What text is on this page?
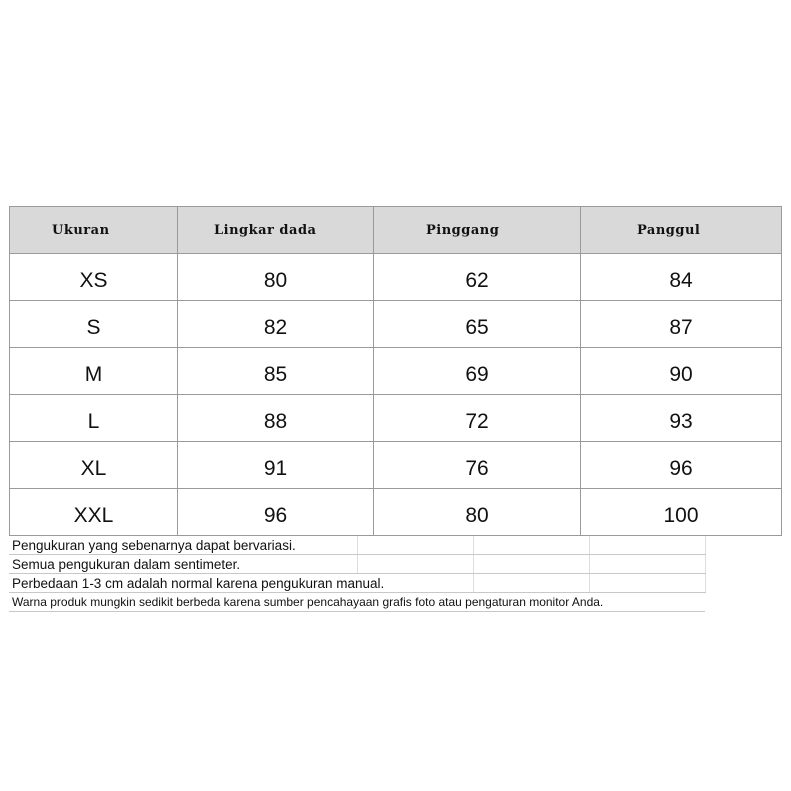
Ukuran	Lingkar dada	Pinggang	Panggul
XS	80	62	84
S	82	65	87
M	85	69	90
L	88	72	93
XL	91	76	96
XXL	96	80	100
Pengukuran yang sebenarnya dapat bervariasi.			
Semua pengukuran dalam sentimeter.			
Perbedaan 1-3 cm adalah normal karena pengukuran manual.			
Warna produk mungkin sedikit berbeda karena sumber pencahayaan grafis foto atau pengaturan monitor Anda.			
